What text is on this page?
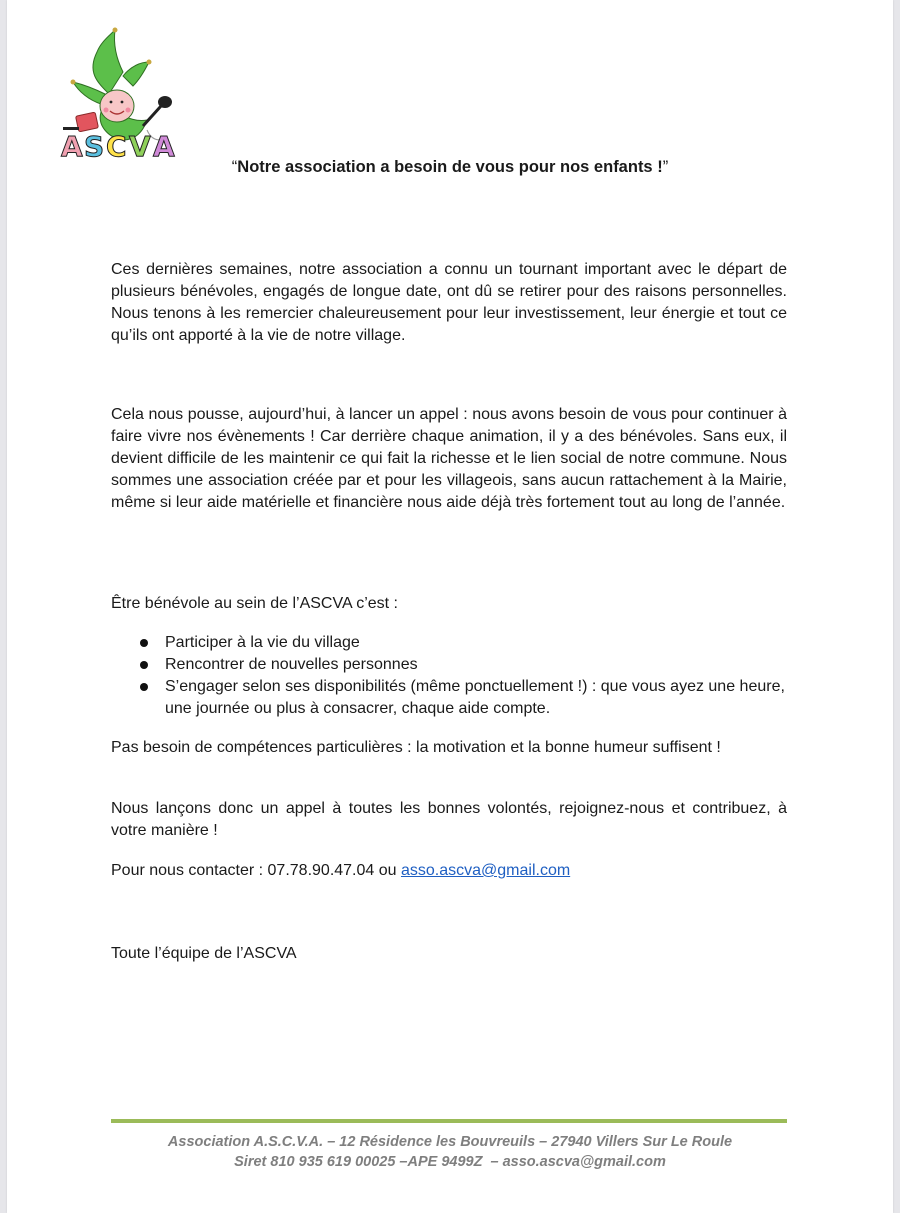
A S C V A
“Notre association a besoin de vous pour nos enfants !”

Ces dernières semaines, notre association a connu un tournant important avec le départ de plusieurs bénévoles, engagés de longue date, ont dû se retirer pour des raisons personnelles. Nous tenons à les remercier chaleureusement pour leur investissement, leur énergie et tout ce qu’ils ont apporté à la vie de notre village.

Cela nous pousse, aujourd’hui, à lancer un appel : nous avons besoin de vous pour continuer à faire vivre nos évènements ! Car derrière chaque animation, il y a des bénévoles. Sans eux, il devient difficile de les maintenir ce qui fait la richesse et le lien social de notre commune. Nous sommes une association créée par et pour les villageois, sans aucun rattachement à la Mairie, même si leur aide matérielle et financière nous aide déjà très fortement tout au long de l’année.

Être bénévole au sein de l’ASCVA c’est :

Participer à la vie du village
Rencontrer de nouvelles personnes
S’engager selon ses disponibilités (même ponctuellement !) : que vous ayez une heure, une journée ou plus à consacrer, chaque aide compte.

Pas besoin de compétences particulières : la motivation et la bonne humeur suffisent !

Nous lançons donc un appel à toutes les bonnes volontés, rejoignez-nous et contribuez, à votre manière !

Pour nous contacter : 07.78.90.47.04 ou asso.ascva@gmail.com

Toute l’équipe de l’ASCVA

Association A.S.C.V.A. – 12 Résidence les Bouvreuils – 27940 Villers Sur Le Roule
Siret 810 935 619 00025 –APE 9499Z  – asso.ascva@gmail.com
